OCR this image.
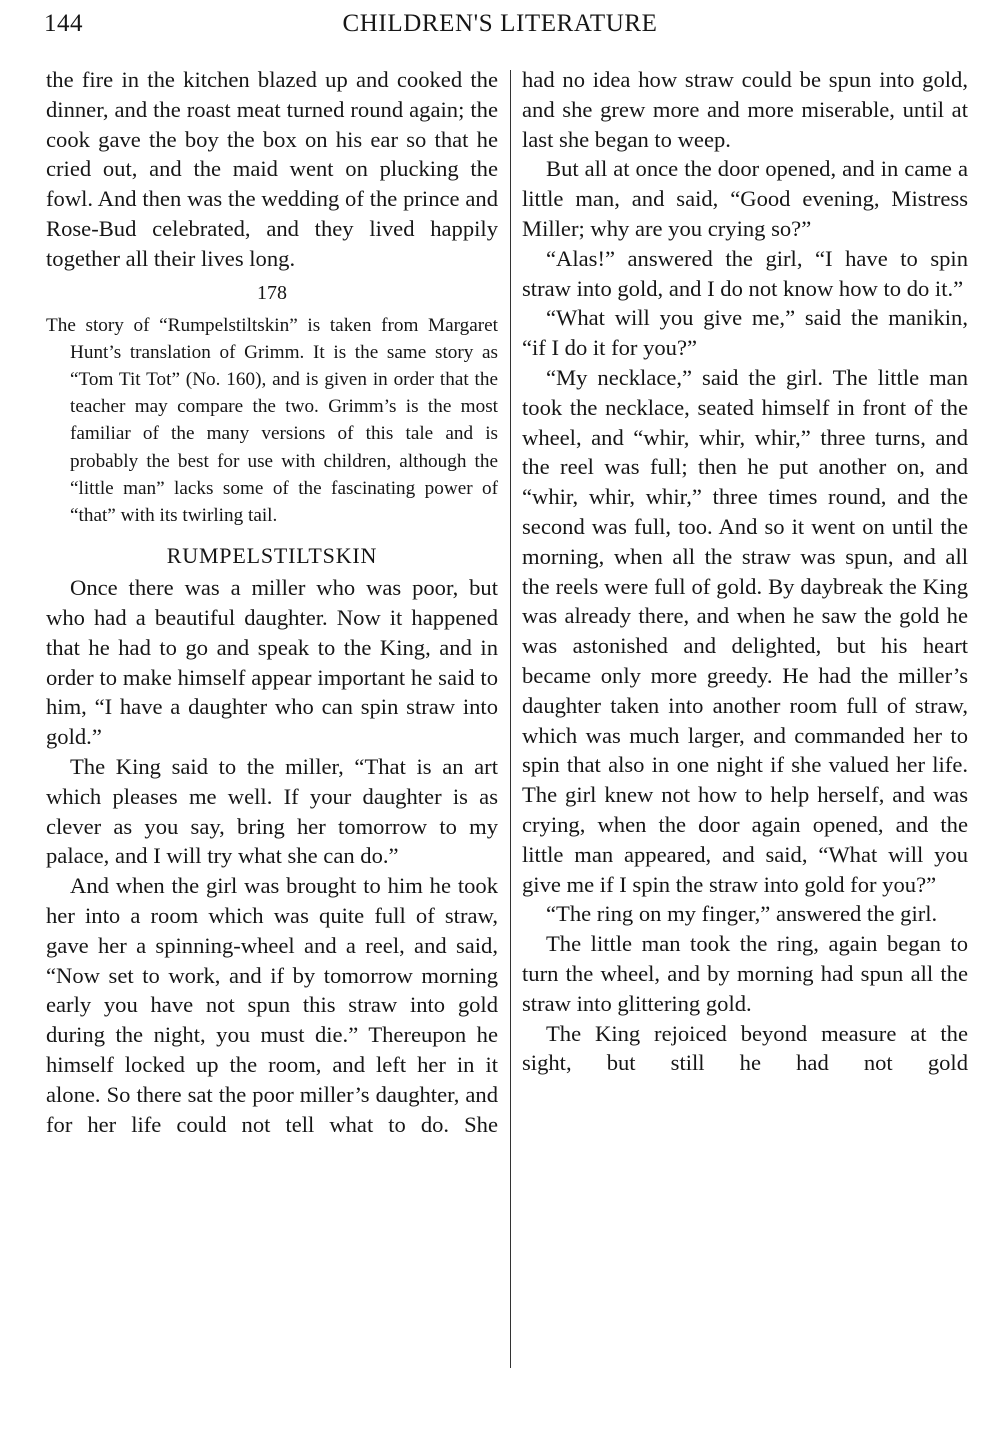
144	CHILDREN'S LITERATURE

the fire in the kitchen blazed up and cooked the dinner, and the roast meat turned round again; the cook gave the boy the box on his ear so that he cried out, and the maid went on plucking the fowl. And then was the wedding of the prince and Rose-Bud celebrated, and they lived happily together all their lives long.

178

The story of “Rumpelstiltskin” is taken from Margaret Hunt’s translation of Grimm. It is the same story as “Tom Tit Tot” (No. 160), and is given in order that the teacher may compare the two. Grimm’s is the most familiar of the many versions of this tale and is probably the best for use with children, although the “little man” lacks some of the fascinating power of “that” with its twirling tail.

RUMPELSTILTSKIN

Once there was a miller who was poor, but who had a beautiful daughter. Now it happened that he had to go and speak to the King, and in order to make himself appear important he said to him, “I have a daughter who can spin straw into gold.”

The King said to the miller, “That is an art which pleases me well. If your daughter is as clever as you say, bring her tomorrow to my palace, and I will try what she can do.”

And when the girl was brought to him he took her into a room which was quite full of straw, gave her a spinning-wheel and a reel, and said, “Now set to work, and if by tomorrow morning early you have not spun this straw into gold during the night, you must die.” Thereupon he himself locked up the room, and left her in it alone. So there sat the poor miller’s daughter, and for her life could not tell what to do. She

had no idea how straw could be spun into gold, and she grew more and more miserable, until at last she began to weep.

But all at once the door opened, and in came a little man, and said, “Good evening, Mistress Miller; why are you crying so?”

“Alas!” answered the girl, “I have to spin straw into gold, and I do not know how to do it.”

“What will you give me,” said the manikin, “if I do it for you?”

“My necklace,” said the girl. The little man took the necklace, seated himself in front of the wheel, and “whir, whir, whir,” three turns, and the reel was full; then he put another on, and “whir, whir, whir,” three times round, and the second was full, too. And so it went on until the morning, when all the straw was spun, and all the reels were full of gold. By daybreak the King was already there, and when he saw the gold he was astonished and delighted, but his heart became only more greedy. He had the miller’s daughter taken into another room full of straw, which was much larger, and commanded her to spin that also in one night if she valued her life. The girl knew not how to help herself, and was crying, when the door again opened, and the little man appeared, and said, “What will you give me if I spin the straw into gold for you?”

“The ring on my finger,” answered the girl.

The little man took the ring, again began to turn the wheel, and by morning had spun all the straw into glittering gold.

The King rejoiced beyond measure at the sight, but still he had not gold
